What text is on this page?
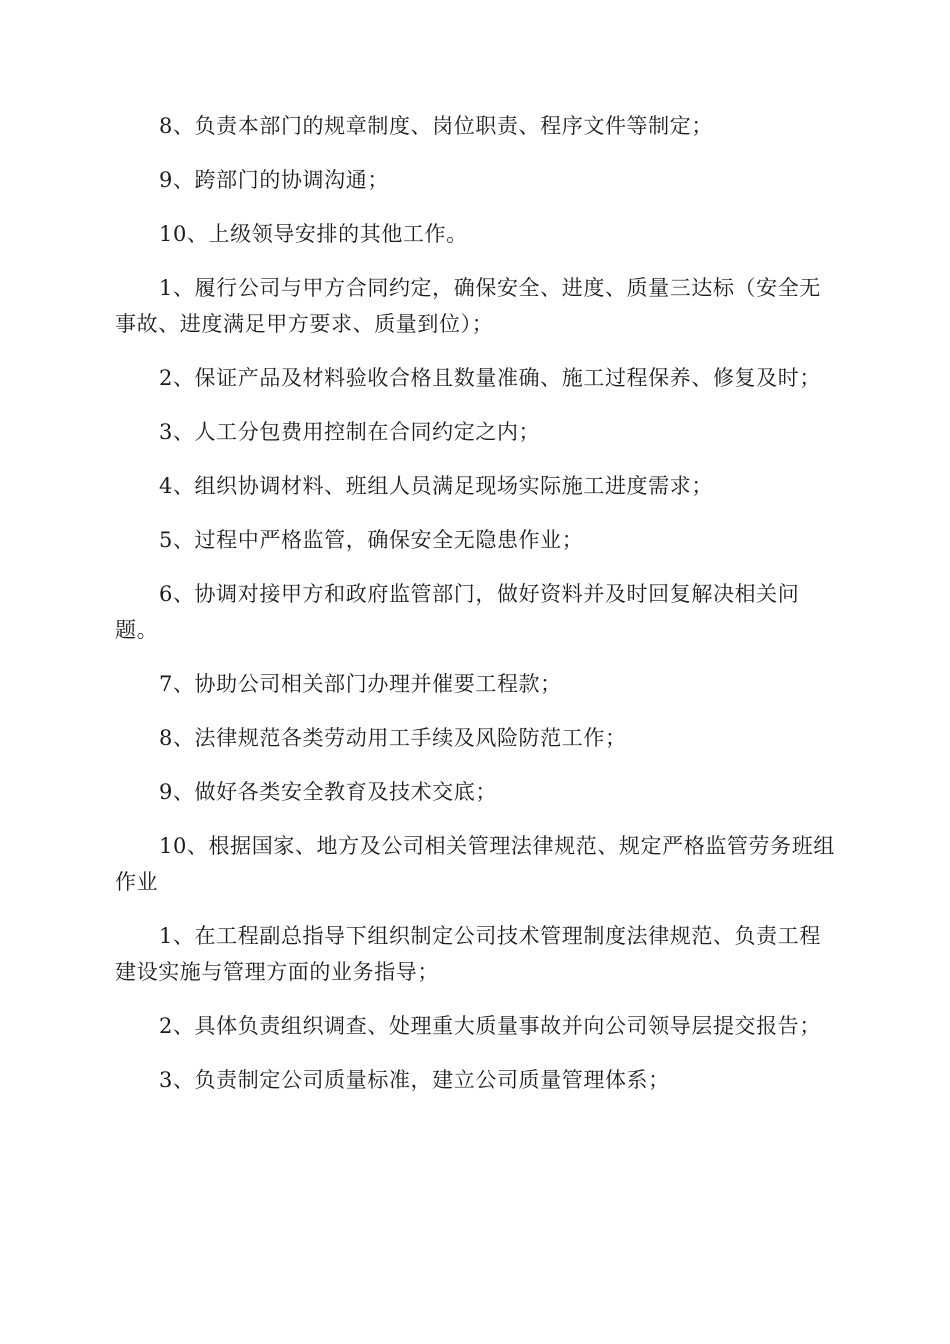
8、负责本部门的规章制度、岗位职责、程序文件等制定；

9、跨部门的协调沟通；

10、上级领导安排的其他工作。

1、履行公司与甲方合同约定，确保安全、进度、质量三达标（安全无事故、进度满足甲方要求、质量到位）；

2、保证产品及材料验收合格且数量准确、施工过程保养、修复及时；

3、人工分包费用控制在合同约定之内；

4、组织协调材料、班组人员满足现场实际施工进度需求；

5、过程中严格监管，确保安全无隐患作业；

6、协调对接甲方和政府监管部门，做好资料并及时回复解决相关问题。

7、协助公司相关部门办理并催要工程款；

8、法律规范各类劳动用工手续及风险防范工作；

9、做好各类安全教育及技术交底；

10、根据国家、地方及公司相关管理法律规范、规定严格监管劳务班组作业

1、在工程副总指导下组织制定公司技术管理制度法律规范、负责工程建设实施与管理方面的业务指导；

2、具体负责组织调查、处理重大质量事故并向公司领导层提交报告；

3、负责制定公司质量标准，建立公司质量管理体系；
